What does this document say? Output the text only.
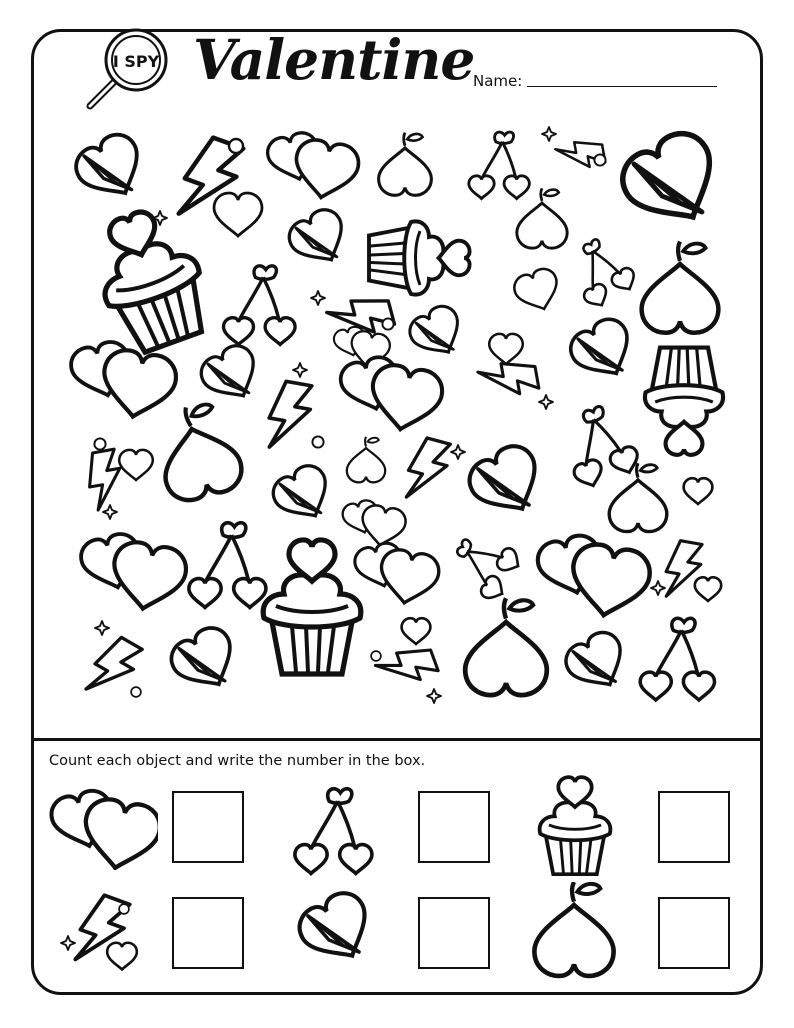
I SPY Valentine
Name:

Count each object and write the number in the box.
